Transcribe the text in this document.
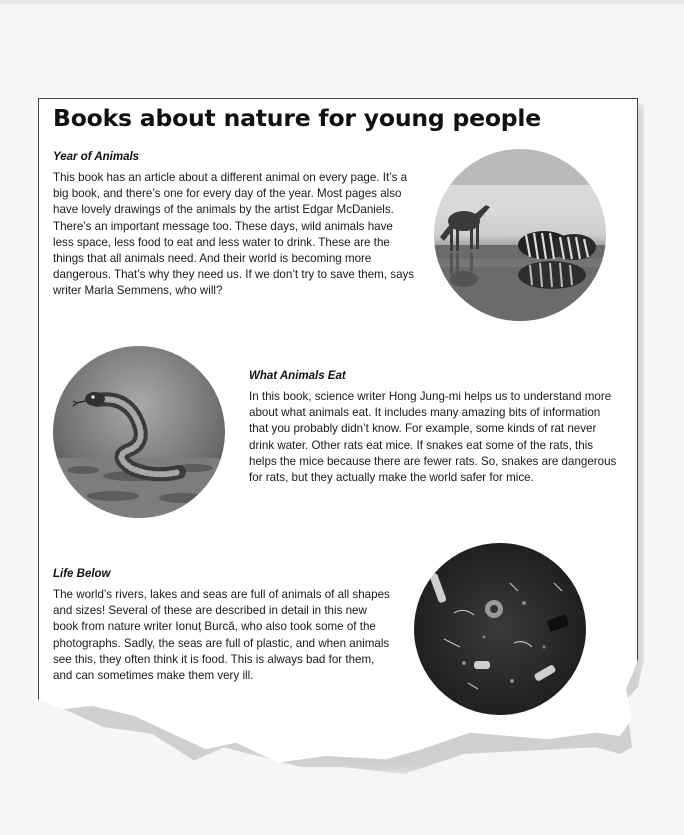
Books about nature for young people
Year of Animals

This book has an article about a different animal on every page. It’s a big book, and there’s one for every day of the year. Most pages also have lovely drawings of the animals by the artist Edgar McDaniels. There’s an important message too. These days, wild animals have less space, less food to eat and less water to drink. These are the things that all animals need. And their world is becoming more dangerous. That’s why they need us. If we don’t try to save them, says writer Marla Semmens, who will?

What Animals Eat

In this book, science writer Hong Jung-mi helps us to understand more about what animals eat. It includes many amazing bits of information that you probably didn’t know. For example, some kinds of rat never drink water. Other rats eat mice. If snakes eat some of the rats, this helps the mice because there are fewer rats. So, snakes are dangerous for rats, but they actually make the world safer for mice.

Life Below

The world’s rivers, lakes and seas are full of animals of all shapes and sizes! Several of these are described in detail in this new book from nature writer Ionuț Burcă, who also took some of the photographs. Sadly, the seas are full of plastic, and when animals see this, they often think it is food. This is always bad for them, and can sometimes make them very ill.
